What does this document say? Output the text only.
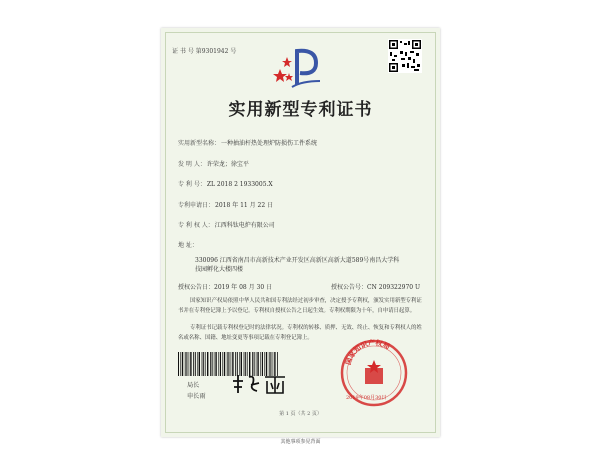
证 书 号 第9301942 号
实用新型专利证书
实用新型名称：一种抽油杆热处理炉防损伤工件系统
发 明 人：许荣龙；徐宝平
专 利 号：ZL 2018 2 1933005.X
专利申请日：2018 年 11 月 22 日
专 利 权 人：江西科钛电炉有限公司
地 址：
330096 江西省南昌市高新技术产业开发区高新区高新大道589号南昌大学科技园孵化大楼四楼
授权公告日：2019 年 08 月 30 日	授权公告号：CN 209322970 U
国家知识产权局依照中华人民共和国专利法经过初步审查，决定授予专利权，颁发实用新型专利证书并在专利登记簿上予以登记。专利权自授权公告之日起生效。专利权期限为十年，自申请日起算。
专利证书记载专利权登记时的法律状况。专利权的转移、质押、无效、终止、恢复和专利权人的姓名或名称、国籍、地址变更等事项记载在专利登记簿上。
局长
申长雨
国家知识产权局
2019年08月30日
第 1 页（共 2 页）
其他事项参见背面
